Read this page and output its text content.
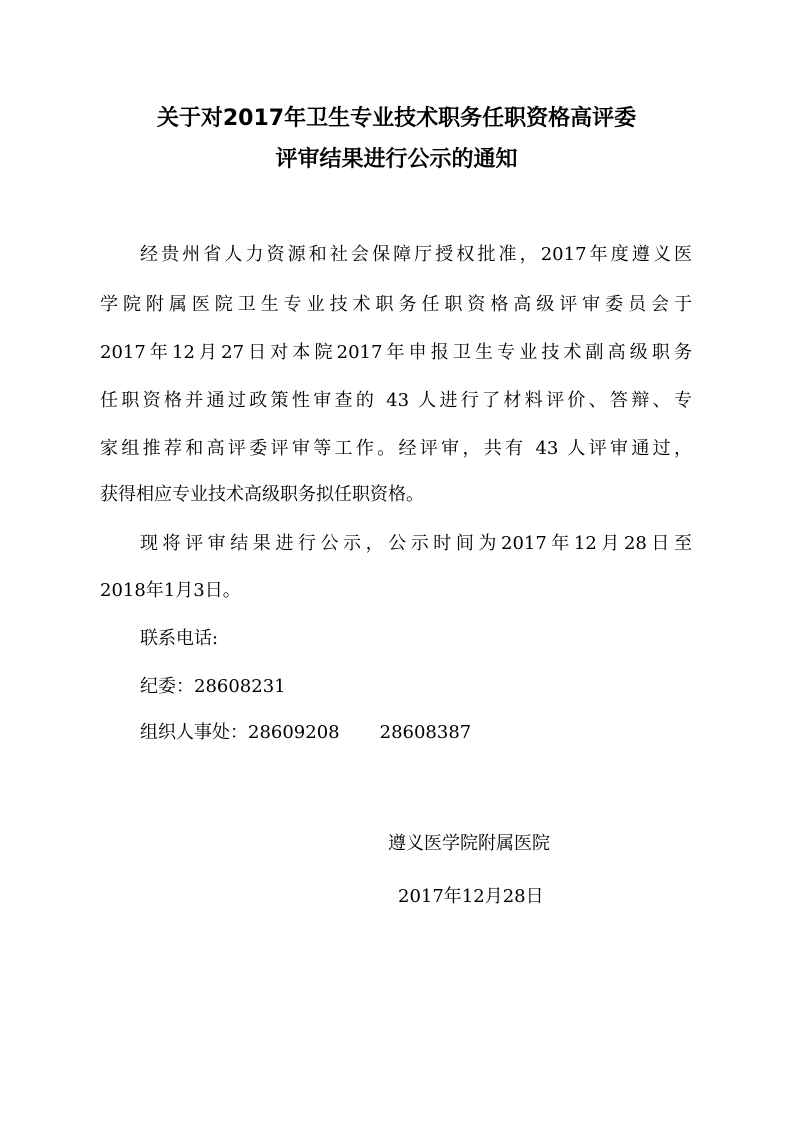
关于对2017年卫生专业技术职务任职资格高评委
评审结果进行公示的通知
经贵州省人力资源和社会保障厅授权批准，2017年度遵义医
学院附属医院卫生专业技术职务任职资格高级评审委员会于
2017年12月27日对本院2017年申报卫生专业技术副高级职务
任职资格并通过政策性审查的 43 人进行了材料评价、答辩、专
家组推荐和高评委评审等工作。经评审，共有 43 人评审通过，
获得相应专业技术高级职务拟任职资格。
现将评审结果进行公示，公示时间为2017年12月28日至
2018年1月3日。
联系电话:
纪委：28608231
组织人事处：28609208 28608387
遵义医学院附属医院
2017年12月28日
